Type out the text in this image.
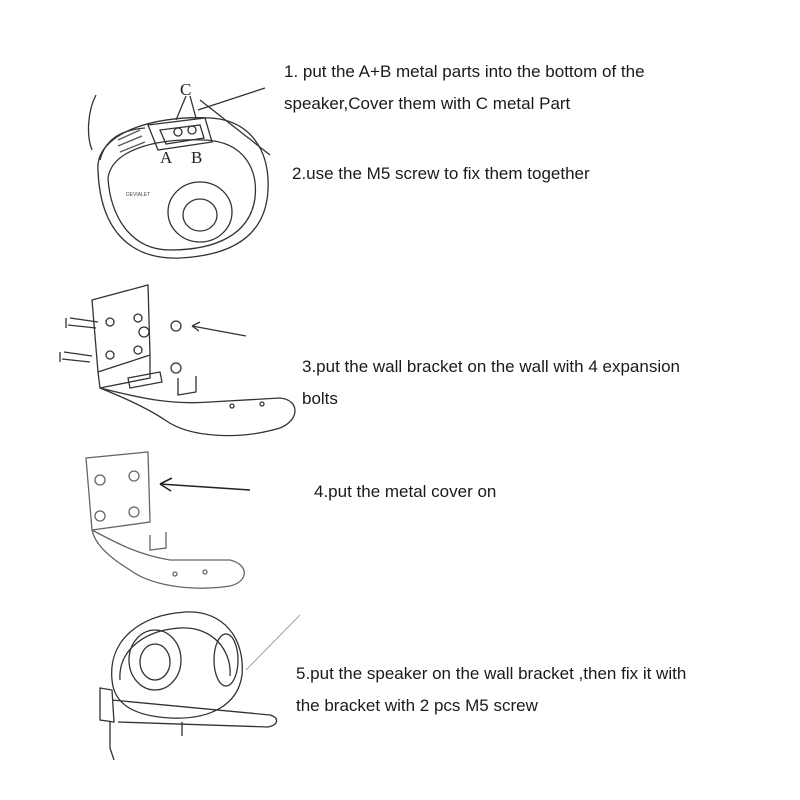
DEVIALET
C
A B
1. put the A+B metal parts into the bottom of the
speaker,Cover them with C metal Part
2.use the M5 screw to fix them together
3.put the wall bracket on the wall with 4 expansion
bolts
4.put the metal cover on
5.put the speaker on the wall bracket ,then fix it with
the bracket with 2 pcs M5 screw
